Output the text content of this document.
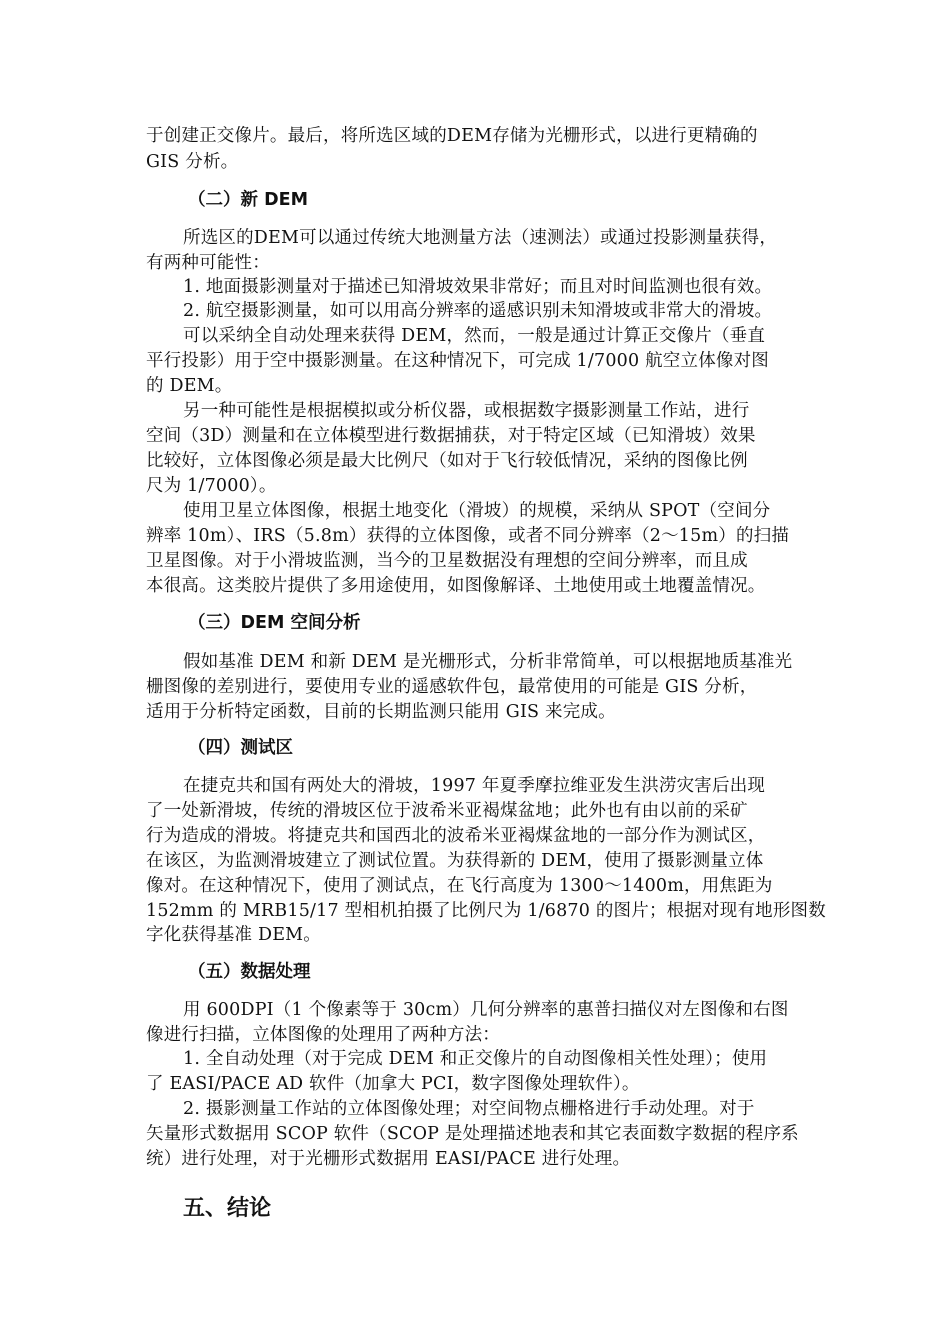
于创建正交像片。最后，将所选区域的DEM存储为光栅形式，以进行更精确的
GIS 分析。
（二）新 DEM
所选区的DEM可以通过传统大地测量方法（速测法）或通过投影测量获得，
有两种可能性：
1. 地面摄影测量对于描述已知滑坡效果非常好；而且对时间监测也很有效。
2. 航空摄影测量，如可以用高分辨率的遥感识别未知滑坡或非常大的滑坡。
可以采纳全自动处理来获得 DEM，然而，一般是通过计算正交像片（垂直
平行投影）用于空中摄影测量。在这种情况下，可完成 1/7000 航空立体像对图
的 DEM。
另一种可能性是根据模拟或分析仪器，或根据数字摄影测量工作站，进行
空间（3D）测量和在立体模型进行数据捕获，对于特定区域（已知滑坡）效果
比较好，立体图像必须是最大比例尺（如对于飞行较低情况，采纳的图像比例
尺为 1/7000）。
使用卫星立体图像，根据土地变化（滑坡）的规模，采纳从 SPOT（空间分
辨率 10m）、IRS（5.8m）获得的立体图像，或者不同分辨率（2～15m）的扫描
卫星图像。对于小滑坡监测，当今的卫星数据没有理想的空间分辨率，而且成
本很高。这类胶片提供了多用途使用，如图像解译、土地使用或土地覆盖情况。
（三）DEM 空间分析
假如基准 DEM 和新 DEM 是光栅形式，分析非常简单，可以根据地质基准光
栅图像的差别进行，要使用专业的遥感软件包，最常使用的可能是 GIS 分析，
适用于分析特定函数，目前的长期监测只能用 GIS 来完成。
（四）测试区
在捷克共和国有两处大的滑坡，1997 年夏季摩拉维亚发生洪涝灾害后出现
了一处新滑坡，传统的滑坡区位于波希米亚褐煤盆地；此外也有由以前的采矿
行为造成的滑坡。将捷克共和国西北的波希米亚褐煤盆地的一部分作为测试区，
在该区，为监测滑坡建立了测试位置。为获得新的 DEM，使用了摄影测量立体
像对。在这种情况下，使用了测试点，在飞行高度为 1300～1400m，用焦距为
152mm 的 MRB15/17 型相机拍摄了比例尺为 1/6870 的图片；根据对现有地形图数
字化获得基准 DEM。
（五）数据处理
用 600DPI（1 个像素等于 30cm）几何分辨率的惠普扫描仪对左图像和右图
像进行扫描，立体图像的处理用了两种方法：
1. 全自动处理（对于完成 DEM 和正交像片的自动图像相关性处理）；使用
了 EASI/PACE AD 软件（加拿大 PCI，数字图像处理软件）。
2. 摄影测量工作站的立体图像处理；对空间物点栅格进行手动处理。对于
矢量形式数据用 SCOP 软件（SCOP 是处理描述地表和其它表面数字数据的程序系
统）进行处理，对于光栅形式数据用 EASI/PACE 进行处理。
五、结论
